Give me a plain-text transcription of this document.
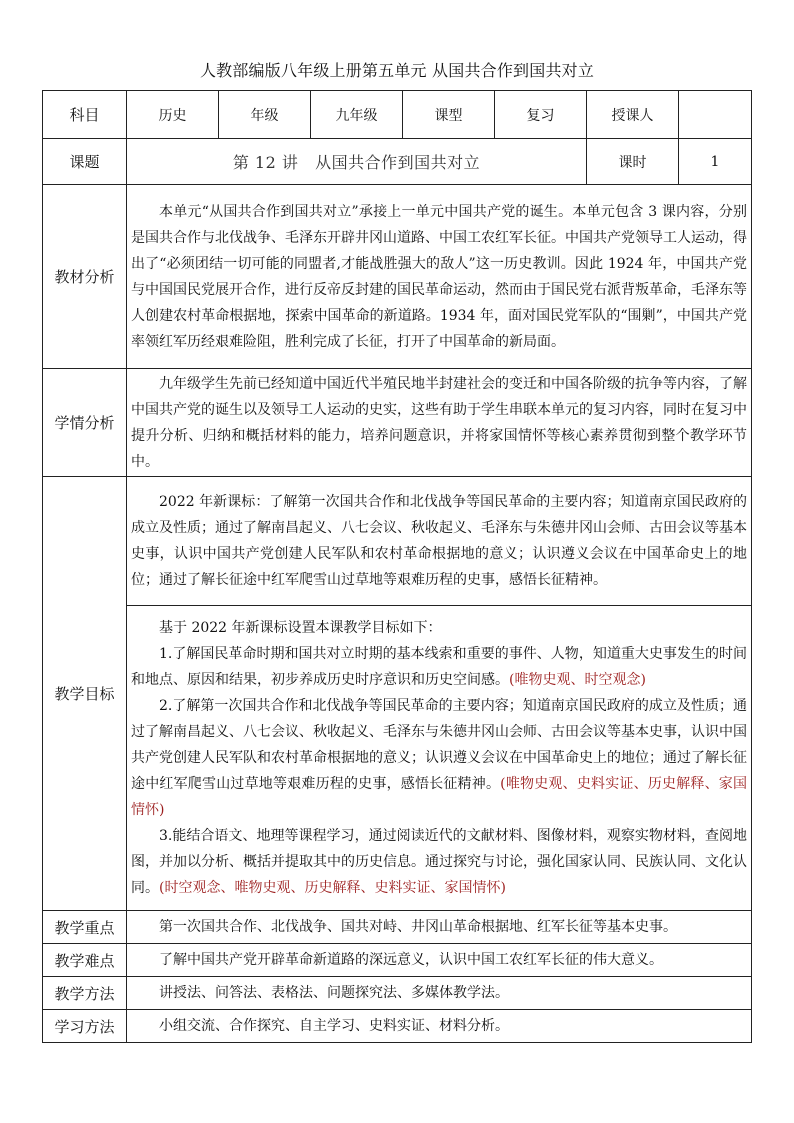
人教部编版八年级上册第五单元 从国共合作到国共对立
科目	历史	年级	九年级	课型	复习	授课人	
课题	第 12 讲   从国共合作到国共对立					课时	1
教材分析	本单元“从国共合作到国共对立”承接上一单元中国共产党的诞生。本单元包含 3 课内容，分别是国共合作与北伐战争、毛泽东开辟井冈山道路、中国工农红军长征。中国共产党领导工人运动，得出了“必须团结一切可能的同盟者,才能战胜强大的敌人”这一历史教训。因此 1924 年，中国共产党与中国国民党展开合作，进行反帝反封建的国民革命运动，然而由于国民党右派背叛革命，毛泽东等人创建农村革命根据地，探索中国革命的新道路。1934 年，面对国民党军队的“围剿”，中国共产党率领红军历经艰难险阻，胜利完成了长征，打开了中国革命的新局面。						

学情分析	九年级学生先前已经知道中国近代半殖民地半封建社会的变迁和中国各阶级的抗争等内容，了解中国共产党的诞生以及领导工人运动的史实，这些有助于学生串联本单元的复习内容，同时在复习中提升分析、归纳和概括材料的能力，培养问题意识，并将家国情怀等核心素养贯彻到整个教学环节中。						

教学目标	2022 年新课标：了解第一次国共合作和北伐战争等国民革命的主要内容；知道南京国民政府的成立及性质；通过了解南昌起义、八七会议、秋收起义、毛泽东与朱德井冈山会师、古田会议等基本史事，认识中国共产党创建人民军队和农村革命根据地的意义；认识遵义会议在中国革命史上的地位；通过了解长征途中红军爬雪山过草地等艰难历程的史事，感悟长征精神。						

	基于 2022 年新课标设置本课教学目标如下：

1.了解国民革命时期和国共对立时期的基本线索和重要的事件、人物，知道重大史事发生的时间和地点、原因和结果，初步养成历史时序意识和历史空间感。(唯物史观、时空观念)

2.了解第一次国共合作和北伐战争等国民革命的主要内容；知道南京国民政府的成立及性质；通过了解南昌起义、八七会议、秋收起义、毛泽东与朱德井冈山会师、古田会议等基本史事，认识中国共产党创建人民军队和农村革命根据地的意义；认识遵义会议在中国革命史上的地位；通过了解长征途中红军爬雪山过草地等艰难历程的史事，感悟长征精神。(唯物史观、史料实证、历史解释、家国情怀)

3.能结合语文、地理等课程学习，通过阅读近代的文献材料、图像材料，观察实物材料，查阅地图，并加以分析、概括并提取其中的历史信息。通过探究与讨论，强化国家认同、民族认同、文化认同。(时空观念、唯物史观、历史解释、史料实证、家国情怀)						

教学重点	第一次国共合作、北伐战争、国共对峙、井冈山革命根据地、红军长征等基本史事。						

教学难点	了解中国共产党开辟革命新道路的深远意义，认识中国工农红军长征的伟大意义。						

教学方法	讲授法、问答法、表格法、问题探究法、多媒体教学法。						

学习方法	小组交流、合作探究、自主学习、史料实证、材料分析。						
